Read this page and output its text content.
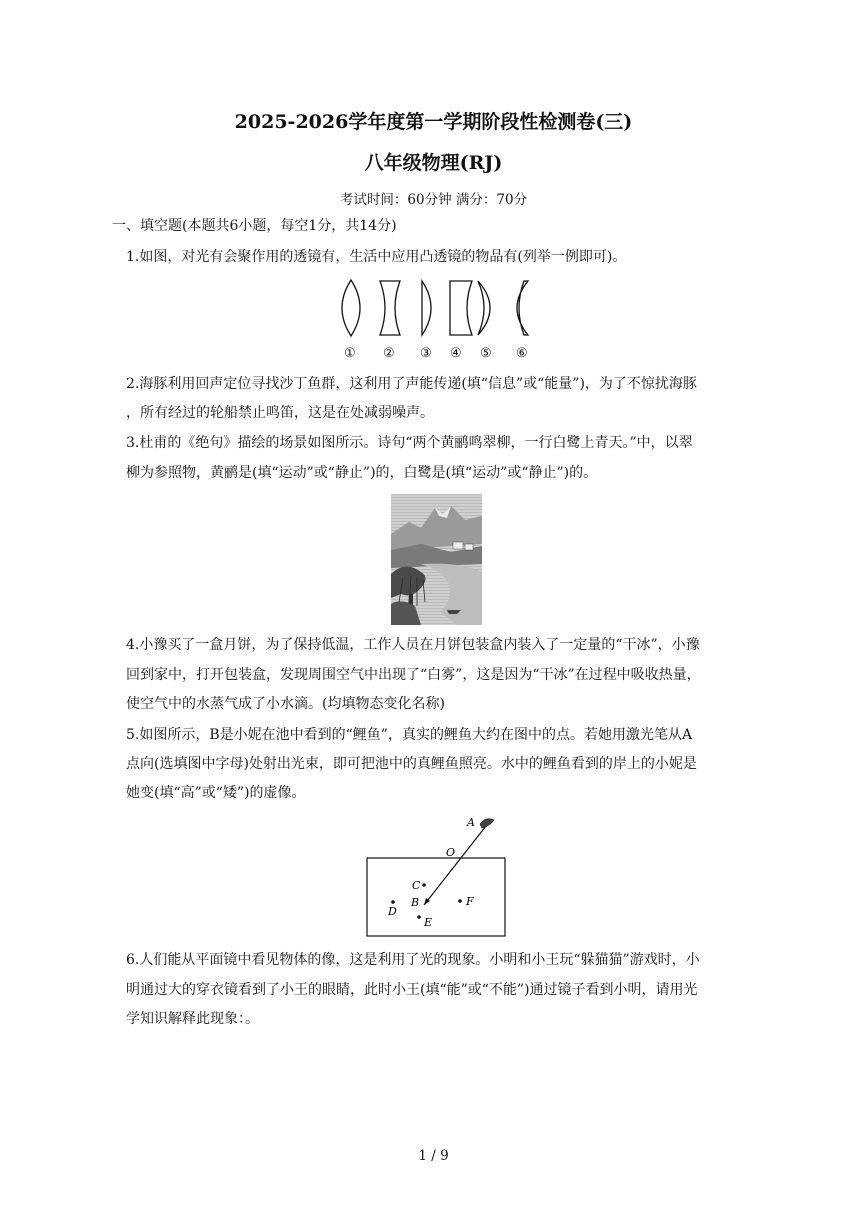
2025-2026学年度第一学期阶段性检测卷(三)
八年级物理(RJ)
考试时间：60分钟 满分：70分
一、填空题(本题共6小题，每空1分，共14分)
1.如图，对光有会聚作用的透镜有，生活中应用凸透镜的物品有(列举一例即可)。
① ② ③ ④ ⑤ ⑥
2.海豚利用回声定位寻找沙丁鱼群，这利用了声能传递(填“信息”或“能量”)，为了不惊扰海豚
，所有经过的轮船禁止鸣笛，这是在处减弱噪声。
3.杜甫的《绝句》描绘的场景如图所示。诗句“两个黄鹂鸣翠柳，一行白鹭上青天。”中，以翠
柳为参照物，黄鹂是(填“运动”或“静止”)的，白鹭是(填“运动”或“静止”)的。
4.小豫买了一盒月饼，为了保持低温，工作人员在月饼包装盒内装入了一定量的“干冰”，小豫
回到家中，打开包装盒，发现周围空气中出现了“白雾”，这是因为“干冰”在过程中吸收热量，
使空气中的水蒸气成了小水滴。(均填物态变化名称)
5.如图所示，B是小妮在池中看到的“鲤鱼”，真实的鲤鱼大约在图中的点。若她用激光笔从A
点向(选填图中字母)处射出光束，即可把池中的真鲤鱼照亮。水中的鲤鱼看到的岸上的小妮是
她变(填“高”或“矮”)的虚像。
A
O
C
B
D
E
F
6.人们能从平面镜中看见物体的像，这是利用了光的现象。小明和小王玩“躲猫猫”游戏时，小
明通过大的穿衣镜看到了小王的眼睛，此时小王(填“能”或“不能”)通过镜子看到小明，请用光
学知识解释此现象：。
1 / 9
